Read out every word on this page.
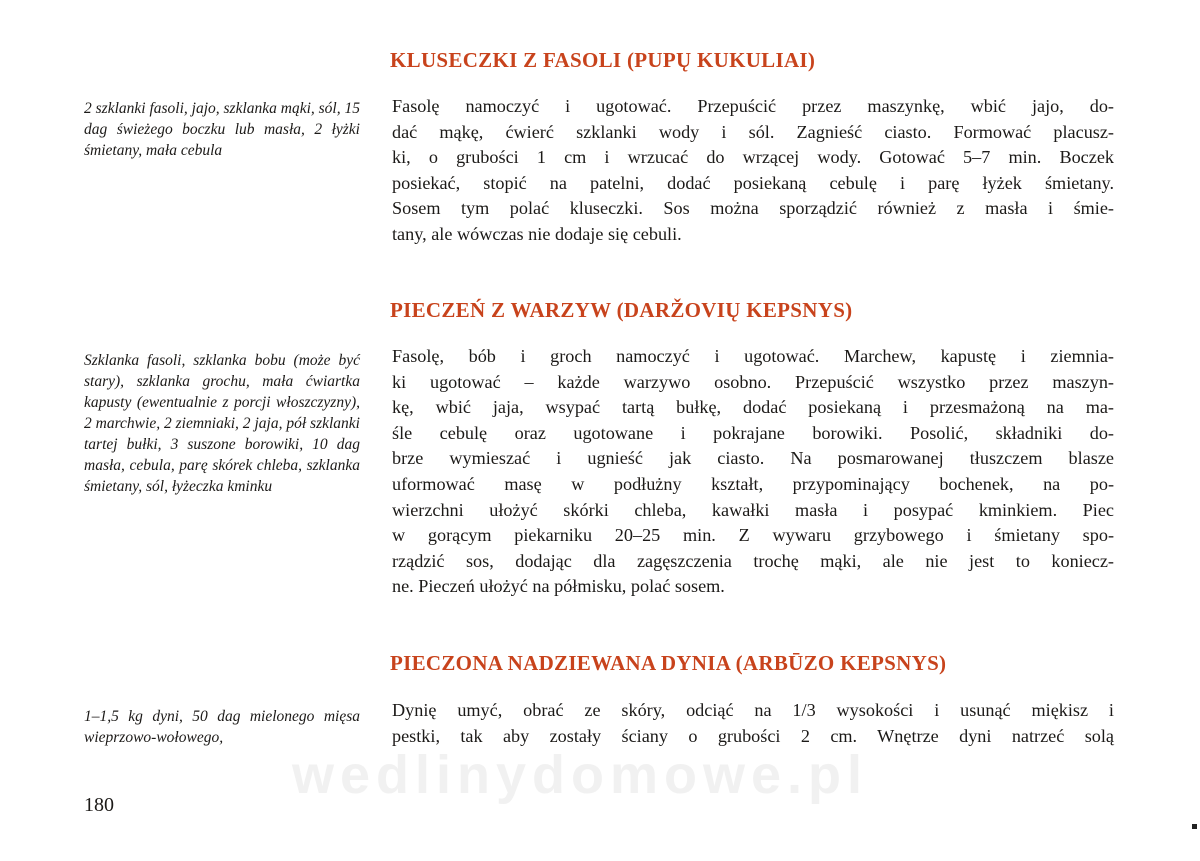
KLUSECZKI Z FASOLI (PUPŲ KUKULIAI)

2 szklanki fasoli, jajo, szklanka mąki, sól, 15 dag świeżego boczku lub masła, 2 łyżki śmietany, mała cebula

Fasolę namoczyć i ugotować. Przepuścić przez maszynkę, wbić jajo, do-
dać mąkę, ćwierć szklanki wody i sól. Zagnieść ciasto. Formować placusz-
ki, o grubości 1 cm i wrzucać do wrzącej wody. Gotować 5–7 min. Boczek
posiekać, stopić na patelni, dodać posiekaną cebulę i parę łyżek śmietany.
Sosem tym polać kluseczki. Sos można sporządzić również z masła i śmie-
tany, ale wówczas nie dodaje się cebuli.
PIECZEŃ Z WARZYW (DARŽOVIŲ KEPSNYS)

Szklanka fasoli, szklanka bobu (może być stary), szklanka grochu, mała ćwiartka kapusty (ewentualnie z porcji włoszczyzny), 2 marchwie, 2 ziemniaki, 2 jaja, pół szklanki tartej bułki, 3 suszone borowiki, 10 dag masła, cebula, parę skórek chleba, szklanka śmietany, sól, łyżeczka kminku

Fasolę, bób i groch namoczyć i ugotować. Marchew, kapustę i ziemnia-
ki ugotować – każde warzywo osobno. Przepuścić wszystko przez maszyn-
kę, wbić jaja, wsypać tartą bułkę, dodać posiekaną i przesmażoną na ma-
śle cebulę oraz ugotowane i pokrajane borowiki. Posolić, składniki do-
brze wymieszać i ugnieść jak ciasto. Na posmarowanej tłuszczem blasze
uformować masę w podłużny kształt, przypominający bochenek, na po-
wierzchni ułożyć skórki chleba, kawałki masła i posypać kminkiem. Piec
w gorącym piekarniku 20–25 min. Z wywaru grzybowego i śmietany spo-
rządzić sos, dodając dla zagęszczenia trochę mąki, ale nie jest to koniecz-
ne. Pieczeń ułożyć na półmisku, polać sosem.
PIECZONA NADZIEWANA DYNIA (ARBŪZO KEPSNYS)

1–1,5 kg dyni, 50 dag mielonego mięsa wieprzowo-wołowego,

Dynię umyć, obrać ze skóry, odciąć na 1/3 wysokości i usunąć miękisz i
pestki, tak aby zostały ściany o grubości 2 cm. Wnętrze dyni natrzeć solą
wedlinydomowe.pl

180
